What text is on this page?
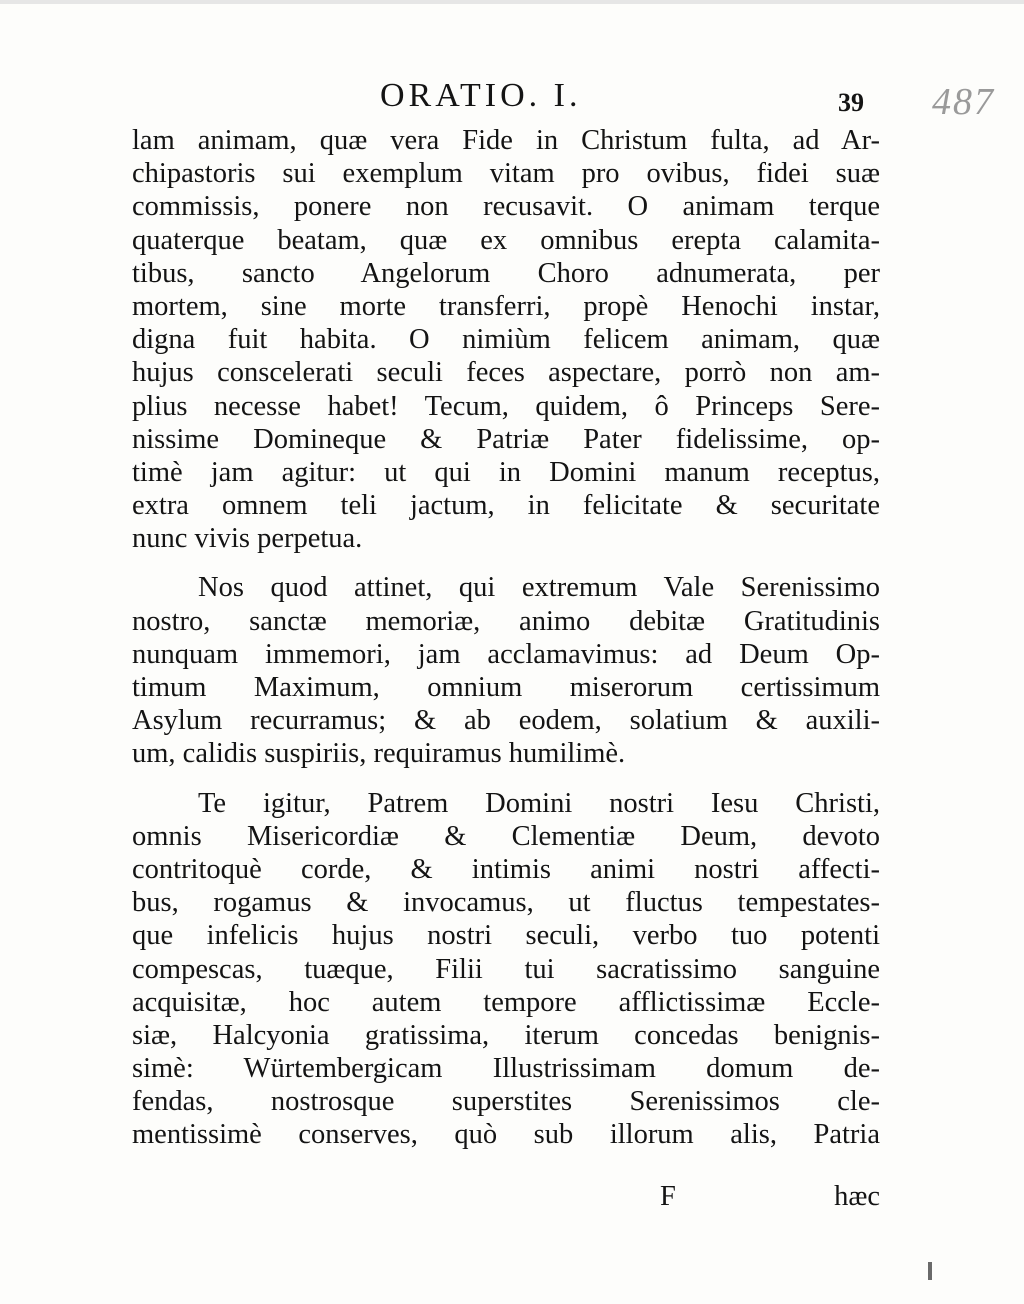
ORATIO. I.	39 487
lam animam, quæ vera Fide in Christum fulta, ad Ar-
chipastoris sui exemplum vitam pro ovibus, fidei suæ
commissis, ponere non recusavit. O animam terque
quaterque beatam, quæ ex omnibus erepta calamita-
tibus, sancto Angelorum Choro adnumerata, per
mortem, sine morte transferri, propè Henochi instar,
digna fuit habita. O nimiùm felicem animam, quæ
hujus conscelerati seculi feces aspectare, porrò non am-
plius necesse habet! Tecum, quidem, ô Princeps Sere-
nissime Domineque & Patriæ Pater fidelissime, op-
timè jam agitur: ut qui in Domini manum receptus,
extra omnem teli jactum, in felicitate & securitate
nunc vivis perpetua.
Nos quod attinet, qui extremum Vale Serenissimo
nostro, sanctæ memoriæ, animo debitæ Gratitudinis
nunquam immemori, jam acclamavimus: ad Deum Op-
timum Maximum, omnium miserorum certissimum
Asylum recurramus; & ab eodem, solatium & auxili-
um, calidis suspiriis, requiramus humilimè.
Te igitur, Patrem Domini nostri Iesu Christi,
omnis Misericordiæ & Clementiæ Deum, devoto
contritoquè corde, & intimis animi nostri affecti-
bus, rogamus & invocamus, ut fluctus tempestates-
que infelicis hujus nostri seculi, verbo tuo potenti
compescas, tuæque, Filii tui sacratissimo sanguine
acquisitæ, hoc autem tempore afflictissimæ Eccle-
siæ, Halcyonia gratissima, iterum concedas benignis-
simè: Würtembergicam Illustrissimam domum de-
fendas, nostrosque superstites Serenissimos cle-
mentissimè conserves, quò sub illorum alis, Patria
F	hæc
